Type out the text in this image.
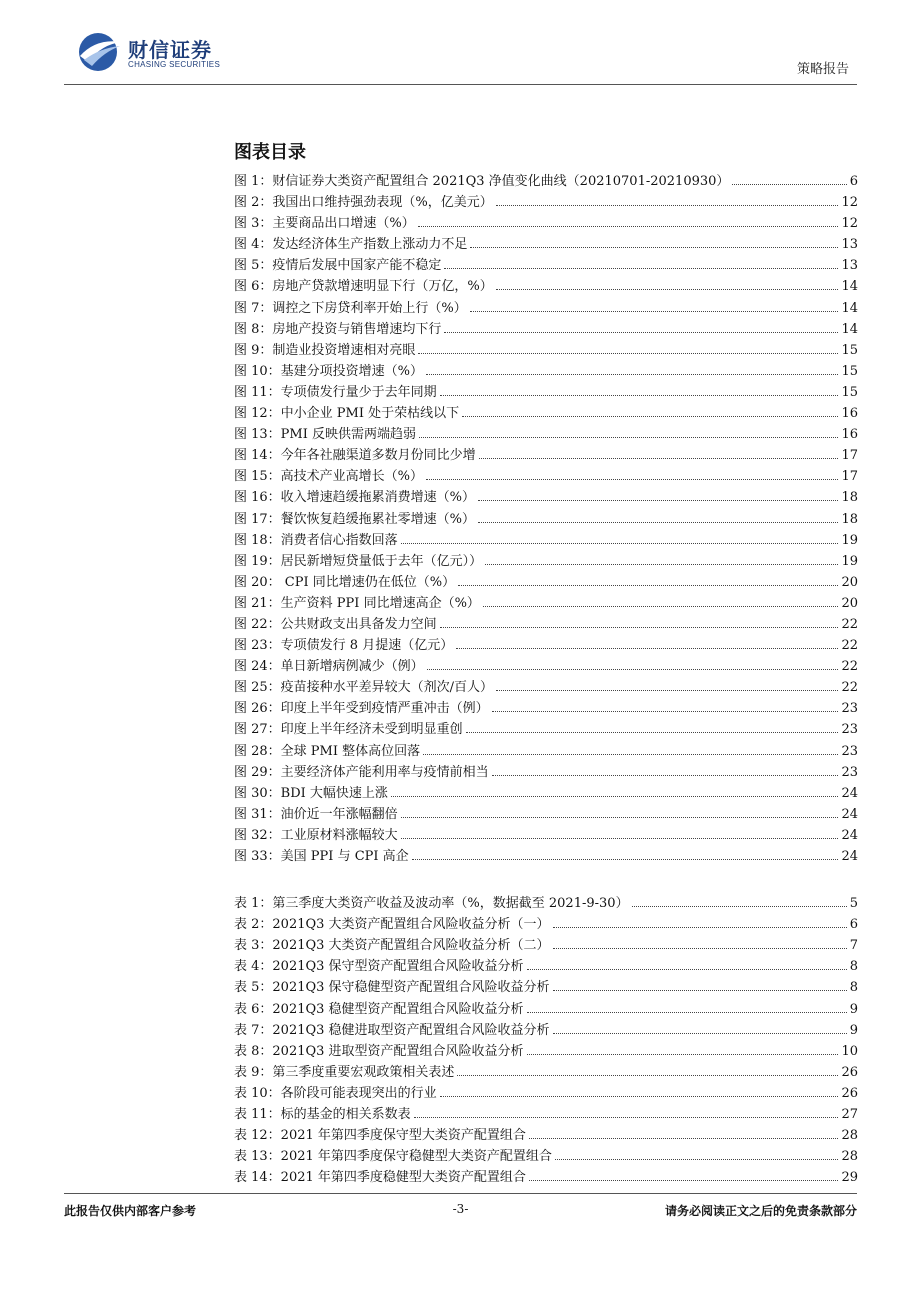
财信证券
CHASING SECURITIES	策略报告
图表目录
图 1：财信证券大类资产配置组合 2021Q3 净值变化曲线（20210701-20210930）	6
图 2：我国出口维持强劲表现（%，亿美元）	12
图 3：主要商品出口增速（%）	12
图 4：发达经济体生产指数上涨动力不足	13
图 5：疫情后发展中国家产能不稳定	13
图 6：房地产贷款增速明显下行（万亿，%）	14
图 7：调控之下房贷利率开始上行（%）	14
图 8：房地产投资与销售增速均下行	14
图 9：制造业投资增速相对亮眼	15
图 10：基建分项投资增速（%）	15
图 11：专项债发行量少于去年同期	15
图 12：中小企业 PMI 处于荣枯线以下	16
图 13：PMI 反映供需两端趋弱	16
图 14：今年各社融渠道多数月份同比少增	17
图 15：高技术产业高增长（%）	17
图 16：收入增速趋缓拖累消费增速（%）	18
图 17：餐饮恢复趋缓拖累社零增速（%）	18
图 18：消费者信心指数回落	19
图 19：居民新增短贷量低于去年（亿元））	19
图 20： CPI 同比增速仍在低位（%）	20
图 21：生产资料 PPI 同比增速高企（%）	20
图 22：公共财政支出具备发力空间	22
图 23：专项债发行 8 月提速（亿元）	22
图 24：单日新增病例减少（例）	22
图 25：疫苗接种水平差异较大（剂次/百人）	22
图 26：印度上半年受到疫情严重冲击（例）	23
图 27：印度上半年经济未受到明显重创	23
图 28：全球 PMI 整体高位回落	23
图 29：主要经济体产能利用率与疫情前相当	23
图 30：BDI 大幅快速上涨	24
图 31：油价近一年涨幅翻倍	24
图 32：工业原材料涨幅较大	24
图 33：美国 PPI 与 CPI 高企	24
表 1：第三季度大类资产收益及波动率（%，数据截至 2021-9-30）	5
表 2：2021Q3 大类资产配置组合风险收益分析（一）	6
表 3：2021Q3 大类资产配置组合风险收益分析（二）	7
表 4：2021Q3 保守型资产配置组合风险收益分析	8
表 5：2021Q3 保守稳健型资产配置组合风险收益分析	8
表 6：2021Q3 稳健型资产配置组合风险收益分析	9
表 7：2021Q3 稳健进取型资产配置组合风险收益分析	9
表 8：2021Q3 进取型资产配置组合风险收益分析	10
表 9：第三季度重要宏观政策相关表述	26
表 10：各阶段可能表现突出的行业	26
表 11：标的基金的相关系数表	27
表 12：2021 年第四季度保守型大类资产配置组合	28
表 13：2021 年第四季度保守稳健型大类资产配置组合	28
表 14：2021 年第四季度稳健型大类资产配置组合	29
此报告仅供内部客户参考	-3-	请务必阅读正文之后的免责条款部分
